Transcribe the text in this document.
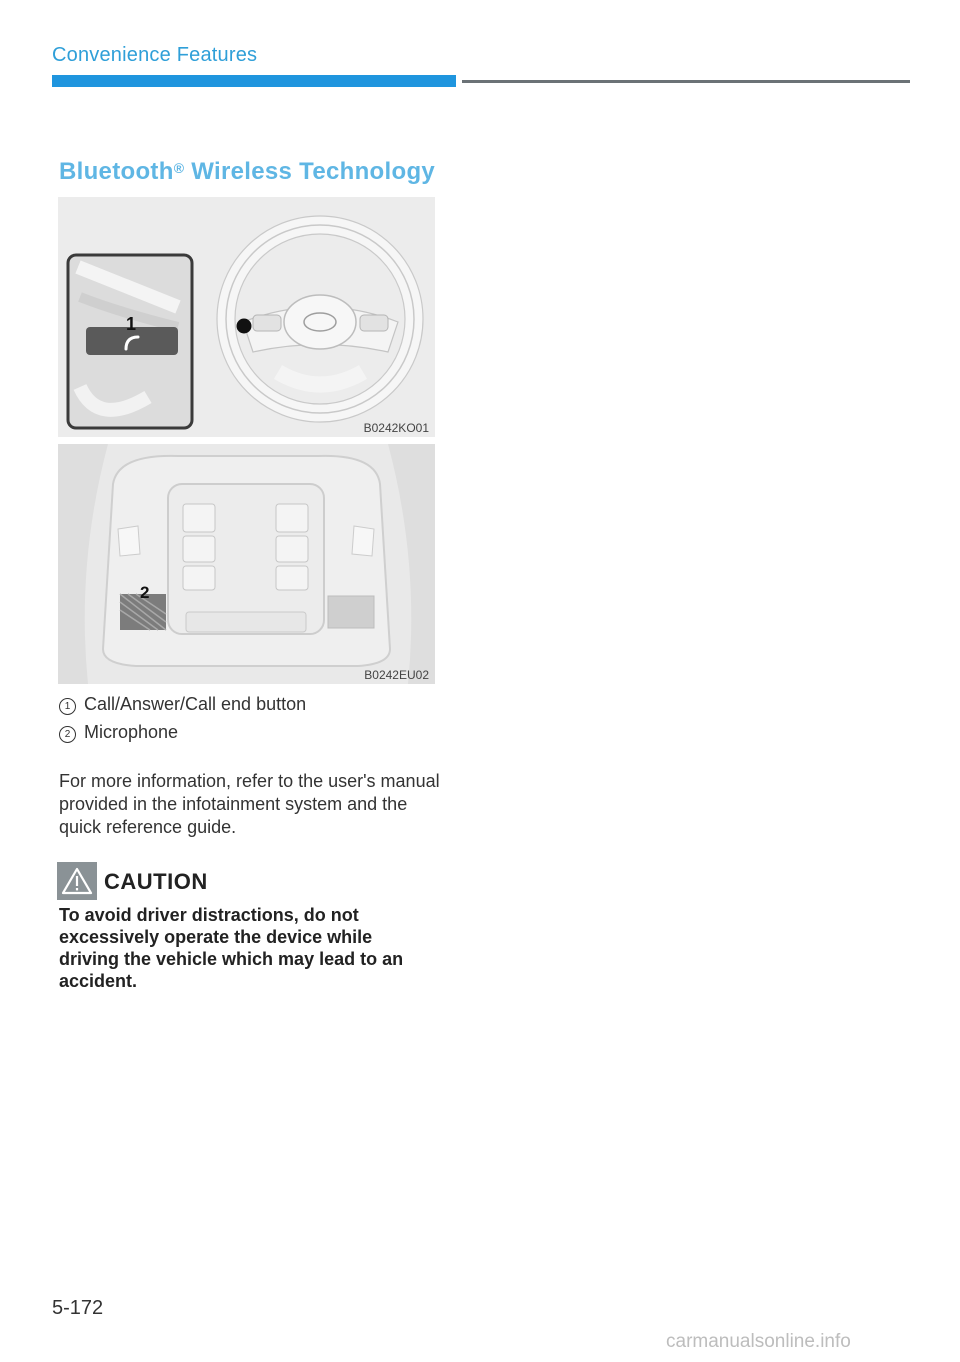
Convenience Features
Bluetooth® Wireless Technology
1
B0242KO01
2
B0242EU02

1 Call/Answer/Call end button

2 Microphone

For more information, refer to the user's manual provided in the infotainment system and the quick reference guide.

CAUTION

To avoid driver distractions, do not excessively operate the device while driving the vehicle which may lead to an accident.

5-172
carmanualsonline.info
